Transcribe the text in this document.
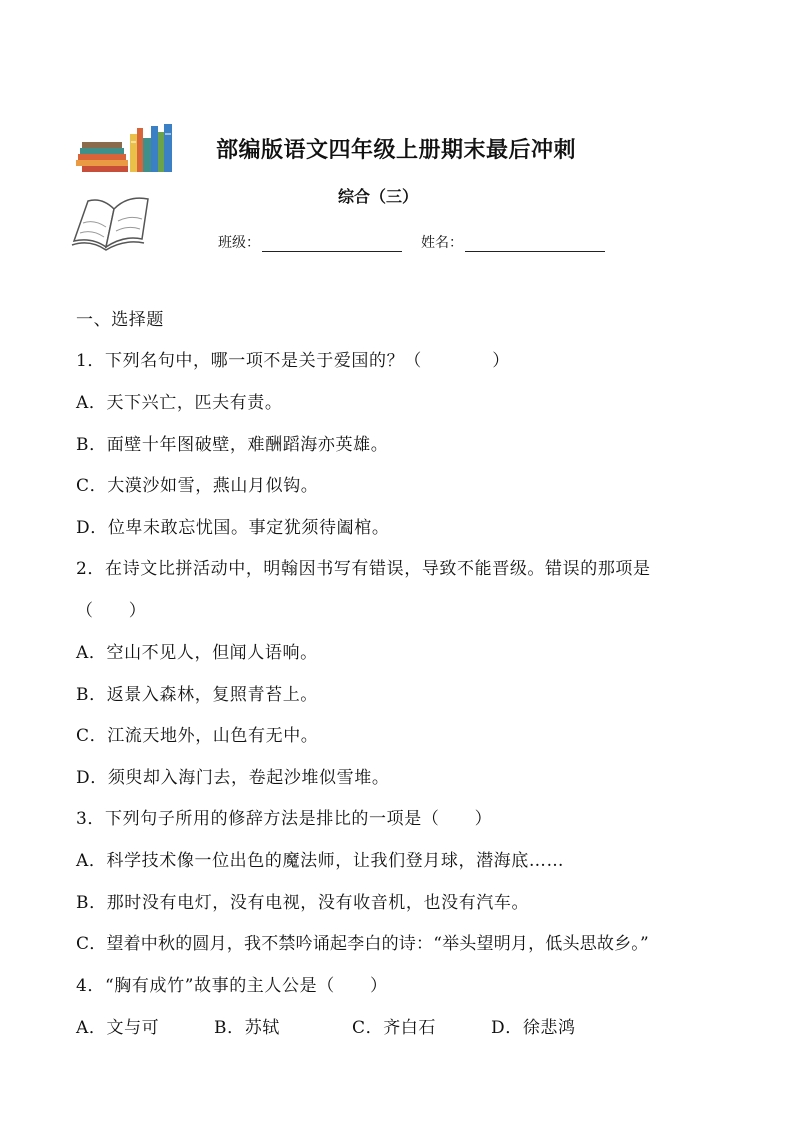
部编版语文四年级上册期末最后冲刺
综合（三）
班级：	姓名：
一、选择题
1．下列名句中，哪一项不是关于爱国的？（　　　　）
A．天下兴亡，匹夫有责。
B．面壁十年图破壁，难酬蹈海亦英雄。
C．大漠沙如雪，燕山月似钩。
D．位卑未敢忘忧国。事定犹须待阖棺。
2．在诗文比拼活动中，明翰因书写有错误，导致不能晋级。错误的那项是
（　　）
A．空山不见人，但闻人语响。
B．返景入森林，复照青苔上。
C．江流天地外，山色有无中。
D．须臾却入海门去，卷起沙堆似雪堆。
3．下列句子所用的修辞方法是排比的一项是（　　）
A．科学技术像一位出色的魔法师，让我们登月球，潜海底……
B．那时没有电灯，没有电视，没有收音机，也没有汽车。
C．望着中秋的圆月，我不禁吟诵起李白的诗：“举头望明月，低头思故乡。”
4．“胸有成竹”故事的主人公是（　　）
A．文与可	B．苏轼	C．齐白石	D．徐悲鸿
